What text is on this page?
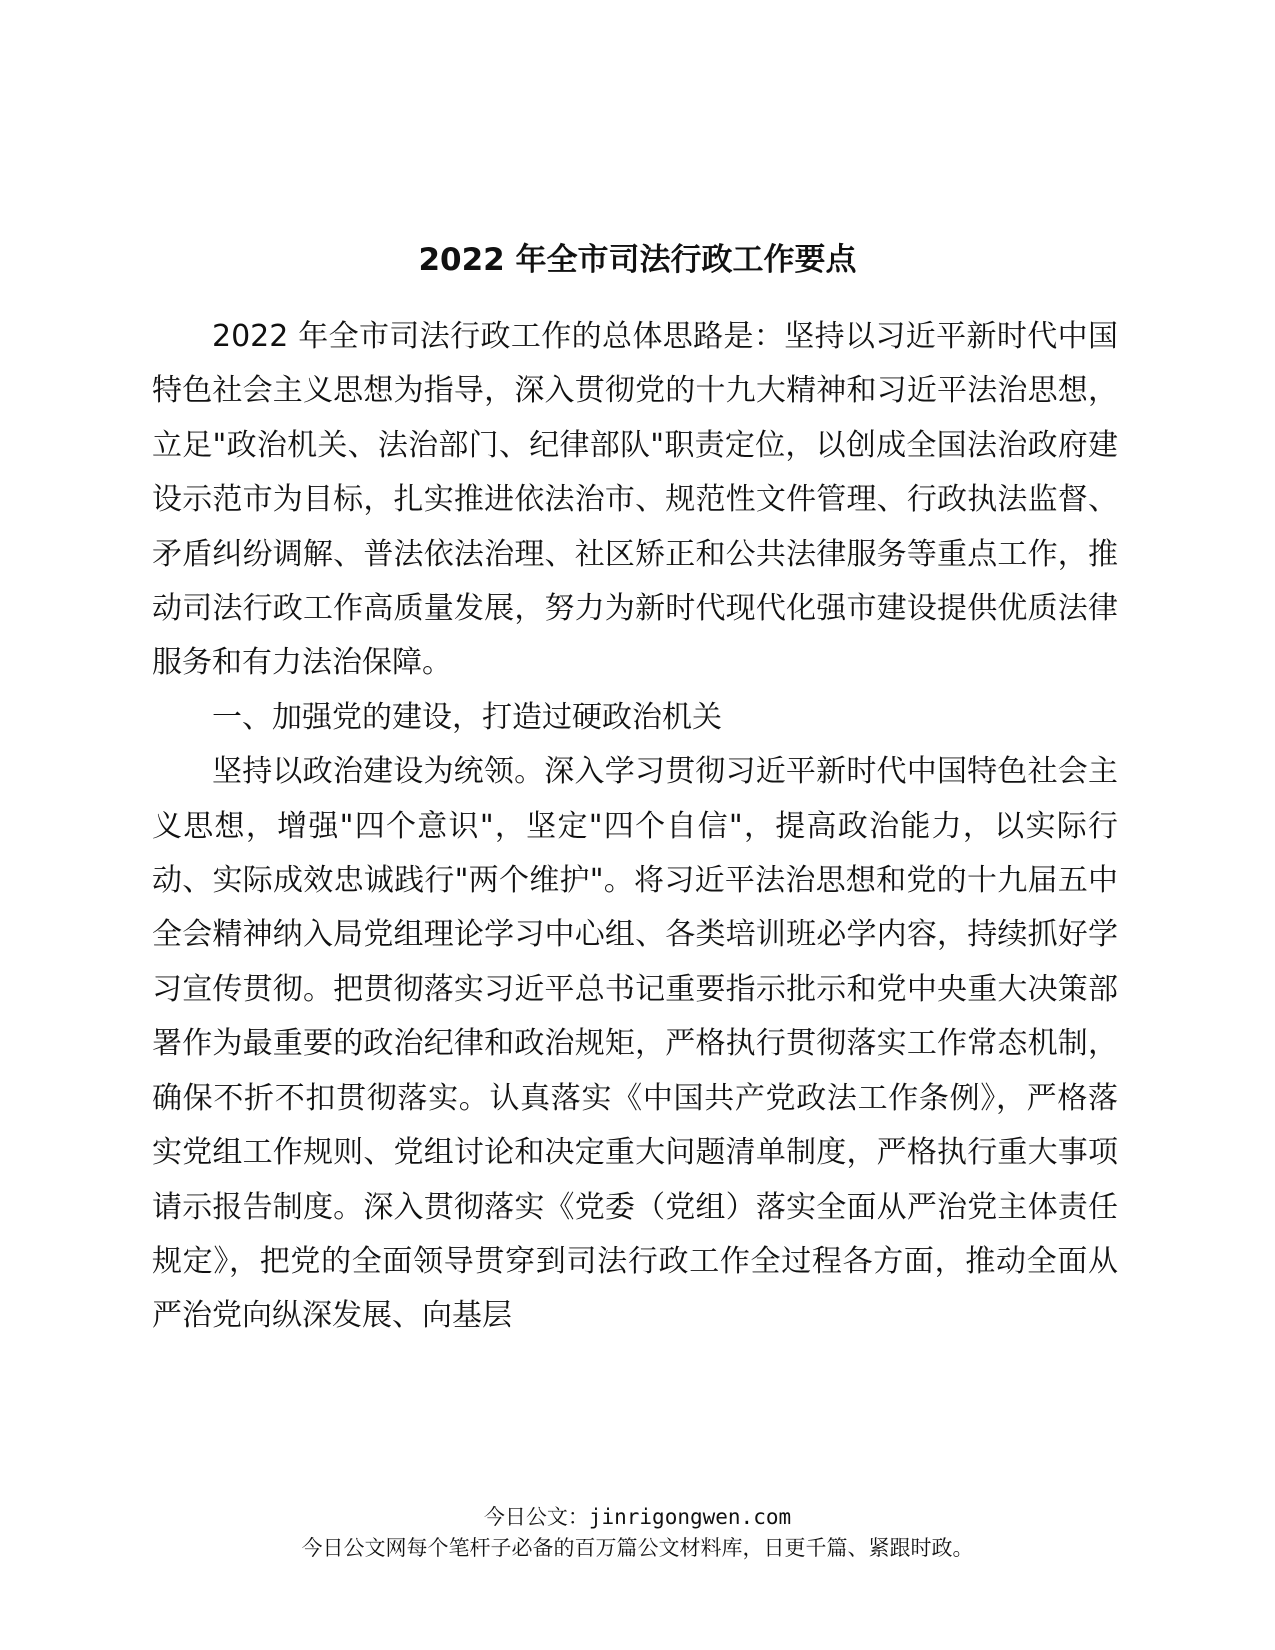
2022 年全市司法行政工作要点

2022 年全市司法行政工作的总体思路是：坚持以习近平新时代中国特色社会主义思想为指导，深入贯彻党的十九大精神和习近平法治思想，立足"政治机关、法治部门、纪律部队"职责定位，以创成全国法治政府建设示范市为目标，扎实推进依法治市、规范性文件管理、行政执法监督、矛盾纠纷调解、普法依法治理、社区矫正和公共法律服务等重点工作，推动司法行政工作高质量发展，努力为新时代现代化强市建设提供优质法律服务和有力法治保障。

一、加强党的建设，打造过硬政治机关

坚持以政治建设为统领。深入学习贯彻习近平新时代中国特色社会主义思想，增强"四个意识"，坚定"四个自信"，提高政治能力，以实际行动、实际成效忠诚践行"两个维护"。将习近平法治思想和党的十九届五中全会精神纳入局党组理论学习中心组、各类培训班必学内容，持续抓好学习宣传贯彻。把贯彻落实习近平总书记重要指示批示和党中央重大决策部署作为最重要的政治纪律和政治规矩，严格执行贯彻落实工作常态机制，确保不折不扣贯彻落实。认真落实《中国共产党政法工作条例》，严格落实党组工作规则、党组讨论和决定重大问题清单制度，严格执行重大事项请示报告制度。深入贯彻落实《党委（党组）落实全面从严治党主体责任规定》，把党的全面领导贯穿到司法行政工作全过程各方面，推动全面从严治党向纵深发展、向基层

今日公文：jinrigongwen.com
今日公文网每个笔杆子必备的百万篇公文材料库，日更千篇、紧跟时政。
